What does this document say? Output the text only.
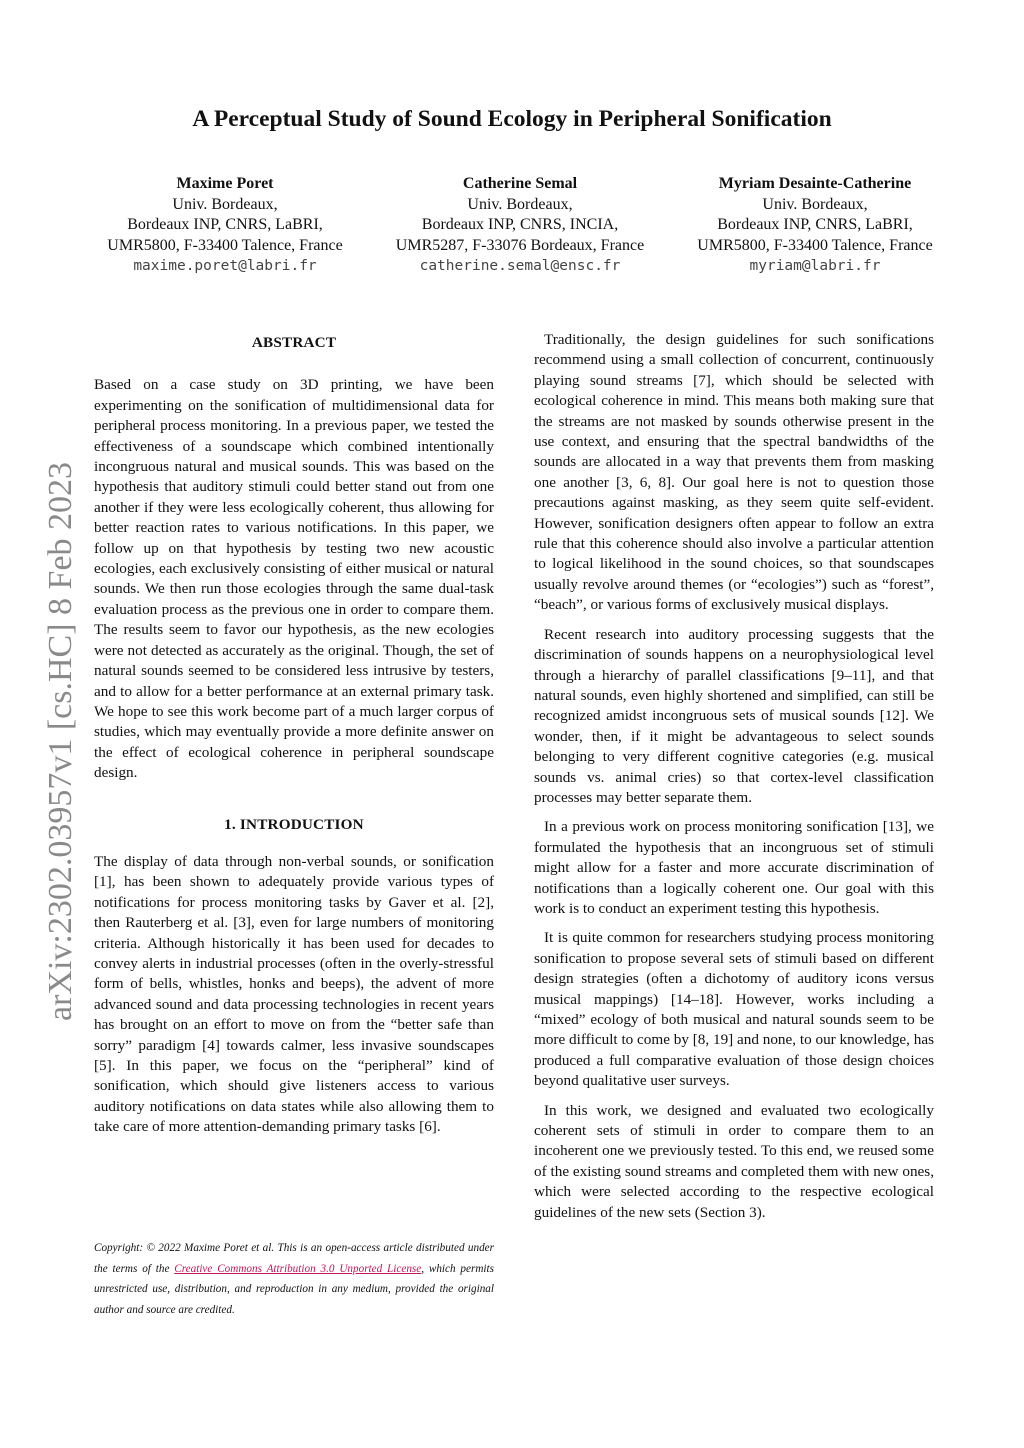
arXiv:2302.03957v1 [cs.HC] 8 Feb 2023
A Perceptual Study of Sound Ecology in Peripheral Sonification
Maxime Poret
Univ. Bordeaux,
Bordeaux INP, CNRS, LaBRI,
UMR5800, F-33400 Talence, France
maxime.poret@labri.fr
Catherine Semal
Univ. Bordeaux,
Bordeaux INP, CNRS, INCIA,
UMR5287, F-33076 Bordeaux, France
catherine.semal@ensc.fr
Myriam Desainte-Catherine
Univ. Bordeaux,
Bordeaux INP, CNRS, LaBRI,
UMR5800, F-33400 Talence, France
myriam@labri.fr
ABSTRACT

Based on a case study on 3D printing, we have been experimenting on the sonification of multidimensional data for peripheral process monitoring. In a previous paper, we tested the effectiveness of a soundscape which combined intentionally incongruous natural and musical sounds. This was based on the hypothesis that auditory stimuli could better stand out from one another if they were less ecologically coherent, thus allowing for better reaction rates to various notifications. In this paper, we follow up on that hypothesis by testing two new acoustic ecologies, each exclusively consisting of either musical or natural sounds. We then run those ecologies through the same dual-task evaluation process as the previous one in order to compare them. The results seem to favor our hypothesis, as the new ecologies were not detected as accurately as the original. Though, the set of natural sounds seemed to be considered less intrusive by testers, and to allow for a better performance at an external primary task. We hope to see this work become part of a much larger corpus of studies, which may eventually provide a more definite answer on the effect of ecological coherence in peripheral soundscape design.

1. INTRODUCTION

The display of data through non-verbal sounds, or sonification [1], has been shown to adequately provide various types of notifications for process monitoring tasks by Gaver et al. [2], then Rauterberg et al. [3], even for large numbers of monitoring criteria. Although historically it has been used for decades to convey alerts in industrial processes (often in the overly-stressful form of bells, whistles, honks and beeps), the advent of more advanced sound and data processing technologies in recent years has brought on an effort to move on from the “better safe than sorry” paradigm [4] towards calmer, less invasive soundscapes [5]. In this paper, we focus on the “peripheral” kind of sonification, which should give listeners access to various auditory notifications on data states while also allowing them to take care of more attention-demanding primary tasks [6].

Copyright: © 2022 Maxime Poret et al. This is an open-access article distributed under the terms of the Creative Commons Attribution 3.0 Unported License, which permits unrestricted use, distribution, and reproduction in any medium, provided the original author and source are credited.

Traditionally, the design guidelines for such sonifications recommend using a small collection of concurrent, continuously playing sound streams [7], which should be selected with ecological coherence in mind. This means both making sure that the streams are not masked by sounds otherwise present in the use context, and ensuring that the spectral bandwidths of the sounds are allocated in a way that prevents them from masking one another [3, 6, 8]. Our goal here is not to question those precautions against masking, as they seem quite self-evident. However, sonification designers often appear to follow an extra rule that this coherence should also involve a particular attention to logical likelihood in the sound choices, so that soundscapes usually revolve around themes (or “ecologies”) such as “forest”, “beach”, or various forms of exclusively musical displays.

Recent research into auditory processing suggests that the discrimination of sounds happens on a neurophysiological level through a hierarchy of parallel classifications [9–11], and that natural sounds, even highly shortened and simplified, can still be recognized amidst incongruous sets of musical sounds [12]. We wonder, then, if it might be advantageous to select sounds belonging to very different cognitive categories (e.g. musical sounds vs. animal cries) so that cortex-level classification processes may better separate them.

In a previous work on process monitoring sonification [13], we formulated the hypothesis that an incongruous set of stimuli might allow for a faster and more accurate discrimination of notifications than a logically coherent one. Our goal with this work is to conduct an experiment testing this hypothesis.

It is quite common for researchers studying process monitoring sonification to propose several sets of stimuli based on different design strategies (often a dichotomy of auditory icons versus musical mappings) [14–18]. However, works including a “mixed” ecology of both musical and natural sounds seem to be more difficult to come by [8, 19] and none, to our knowledge, has produced a full comparative evaluation of those design choices beyond qualitative user surveys.

In this work, we designed and evaluated two ecologically coherent sets of stimuli in order to compare them to an incoherent one we previously tested. To this end, we reused some of the existing sound streams and completed them with new ones, which were selected according to the respective ecological guidelines of the new sets (Section 3).
